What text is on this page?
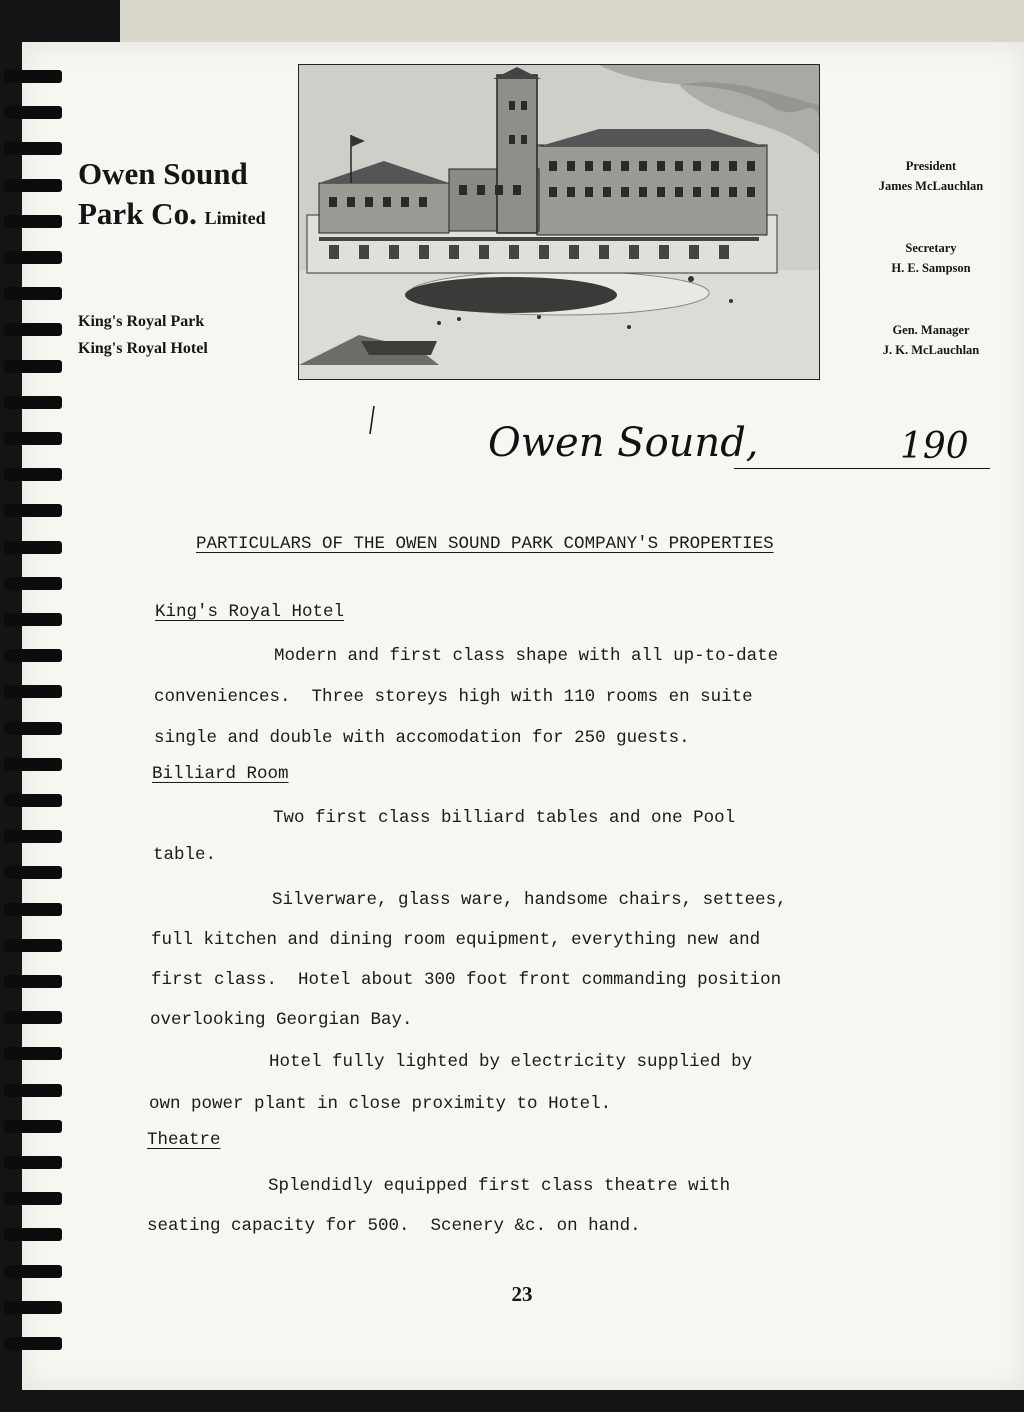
Owen Sound
Park Co. Limited
King's Royal Park
King's Royal Hotel
President
James McLauchlan
Secretary
H. E. Sampson
Gen. Manager
J. K. McLauchlan
Owen Sound,	190
PARTICULARS OF THE OWEN SOUND PARK COMPANY'S PROPERTIES
King's Royal Hotel

Modern and first class shape with all up-to-date

conveniences.  Three storeys high with 110 rooms en suite

single and double with accomodation for 250 guests.

Billiard Room

Two first class billiard tables and one Pool

table.

Silverware, glass ware, handsome chairs, settees,

full kitchen and dining room equipment, everything new and

first class.  Hotel about 300 foot front commanding position

overlooking Georgian Bay.

Hotel fully lighted by electricity supplied by

own power plant in close proximity to Hotel.

Theatre

Splendidly equipped first class theatre with

seating capacity for 500.  Scenery &c. on hand.

23
